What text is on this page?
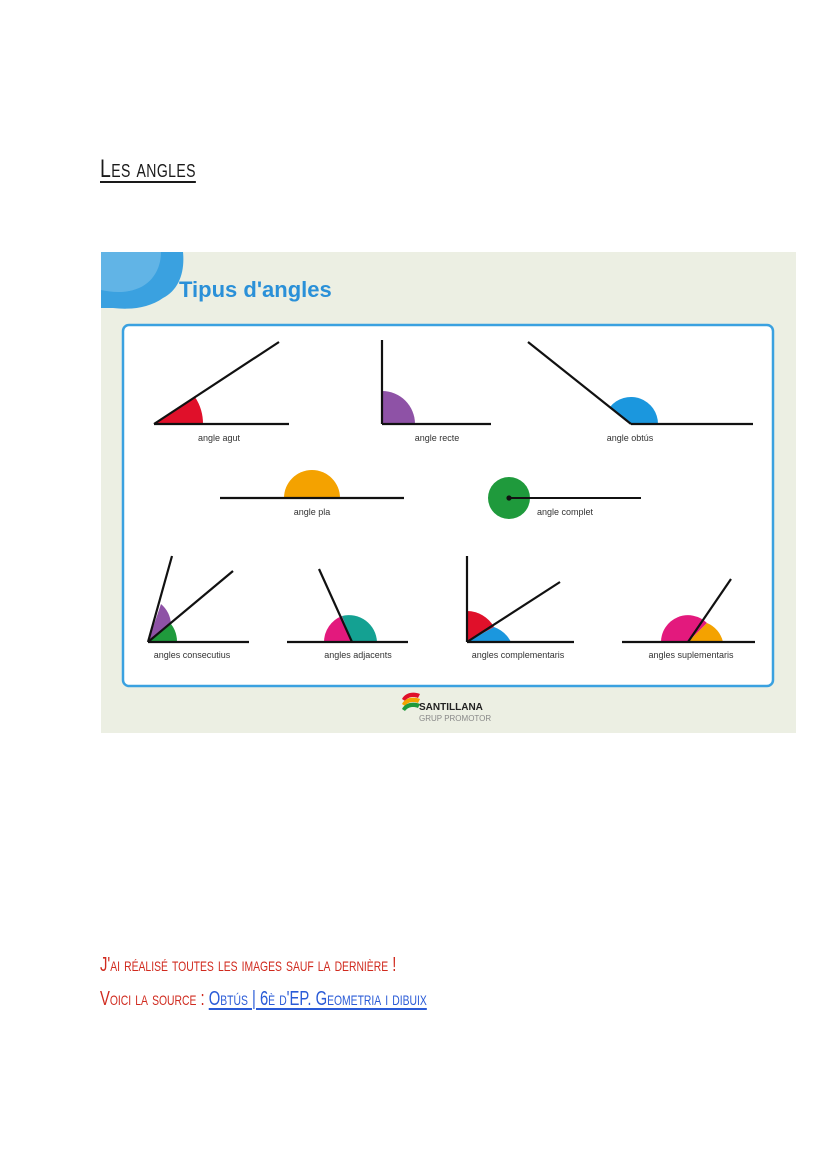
Les angles
Tipus d'angles
angle agut	angle recte	angle obtús
angle pla	angle complet
angles consecutius	angles adjacents	angles complementaris	angles suplementaris
SANTILLANA
GRUP PROMOTOR
J'ai réalisé toutes les images sauf la dernière !
Voici la source : Obtús | 6è d'EP. Geometria i dibuix
